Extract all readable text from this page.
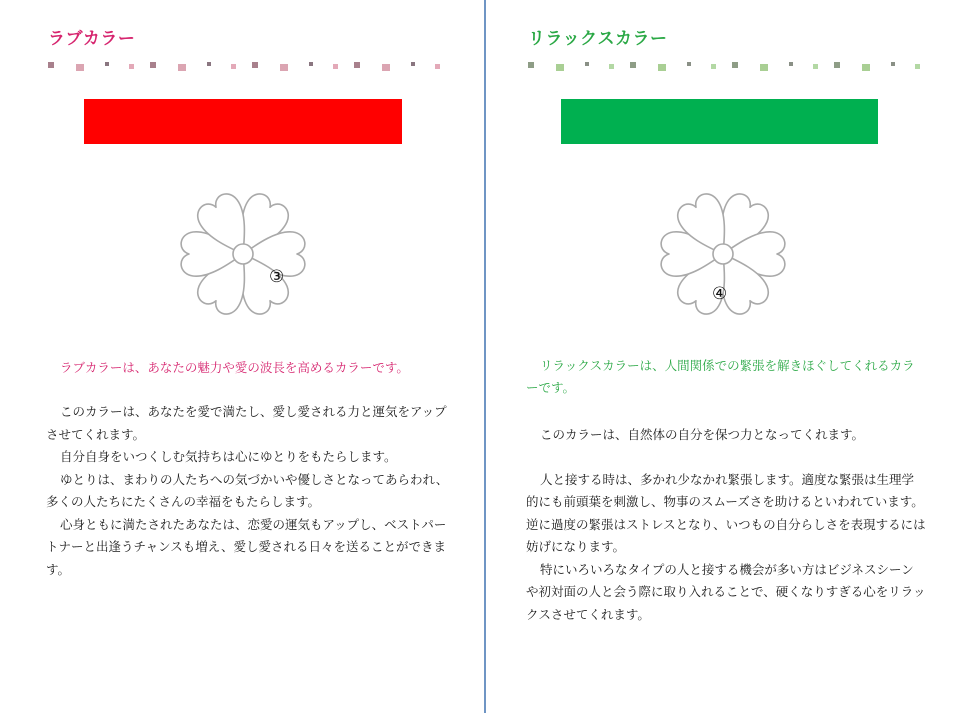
ラブカラー
③

ラブカラーは、あなたの魅力や愛の波長を高めるカラーです。

このカラーは、あなたを愛で満たし、愛し愛される力と運気をアップさせてくれます。

自分自身をいつくしむ気持ちは心にゆとりをもたらします。

ゆとりは、まわりの人たちへの気づかいや優しさとなってあらわれ、多くの人たちにたくさんの幸福をもたらします。

心身ともに満たされたあなたは、恋愛の運気もアップし、ベストパートナーと出逢うチャンスも増え、愛し愛される日々を送ることができます。

リラックスカラー
④

リラックスカラーは、人間関係での緊張を解きほぐしてくれるカラーです。

このカラーは、自然体の自分を保つ力となってくれます。

人と接する時は、多かれ少なかれ緊張します。適度な緊張は生理学的にも前頭葉を刺激し、物事のスムーズさを助けるといわれています。逆に過度の緊張はストレスとなり、いつもの自分らしさを表現するには妨げになります。

特にいろいろなタイプの人と接する機会が多い方はビジネスシーンや初対面の人と会う際に取り入れることで、硬くなりすぎる心をリラックスさせてくれます。
